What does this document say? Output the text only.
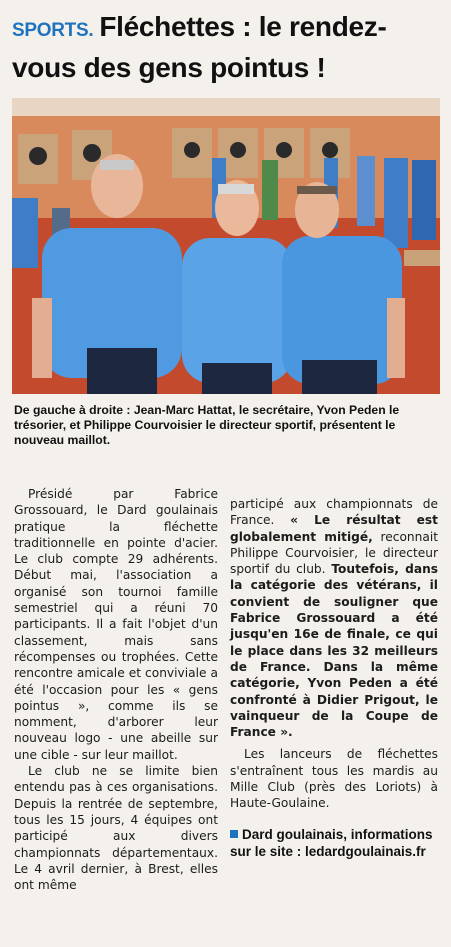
SPORTS. Fléchettes : le rendez-
vous des gens pointus !
De gauche à droite : Jean-Marc Hattat, le secrétaire, Yvon Peden le trésorier, et Philippe Courvoisier le directeur sportif, présentent le nouveau maillot.

Présidé par Fabrice Grossouard, le Dard goulainais pratique la fléchette traditionnelle en pointe d'acier. Le club compte 29 adhérents. Début mai, l'association a organisé son tournoi famille semestriel qui a réuni 70 participants. Il a fait l'objet d'un classement, mais sans récompenses ou trophées. Cette rencontre amicale et conviviale a été l'occasion pour les « gens pointus », comme ils se nomment, d'arborer leur nouveau logo - une abeille sur une cible - sur leur maillot.

Le club ne se limite bien entendu pas à ces organisations. Depuis la rentrée de septembre, tous les 15 jours, 4 équipes ont participé aux divers championnats départementaux. Le 4 avril dernier, à Brest, elles ont même

participé aux championnats de France. « Le résultat est globalement mitigé, reconnait Philippe Courvoisier, le directeur sportif du club. Toutefois, dans la catégorie des vétérans, il convient de souligner que Fabrice Grossouard a été jusqu'en 16e de finale, ce qui le place dans les 32 meilleurs de France. Dans la même catégorie, Yvon Peden a été confronté à Didier Prigout, le vainqueur de la Coupe de France ».

Les lanceurs de fléchettes s'entraînent tous les mardis au Mille Club (près des Loriots) à Haute-Goulaine.

Dard goulainais, informations sur le site : ledardgoulainais.fr
